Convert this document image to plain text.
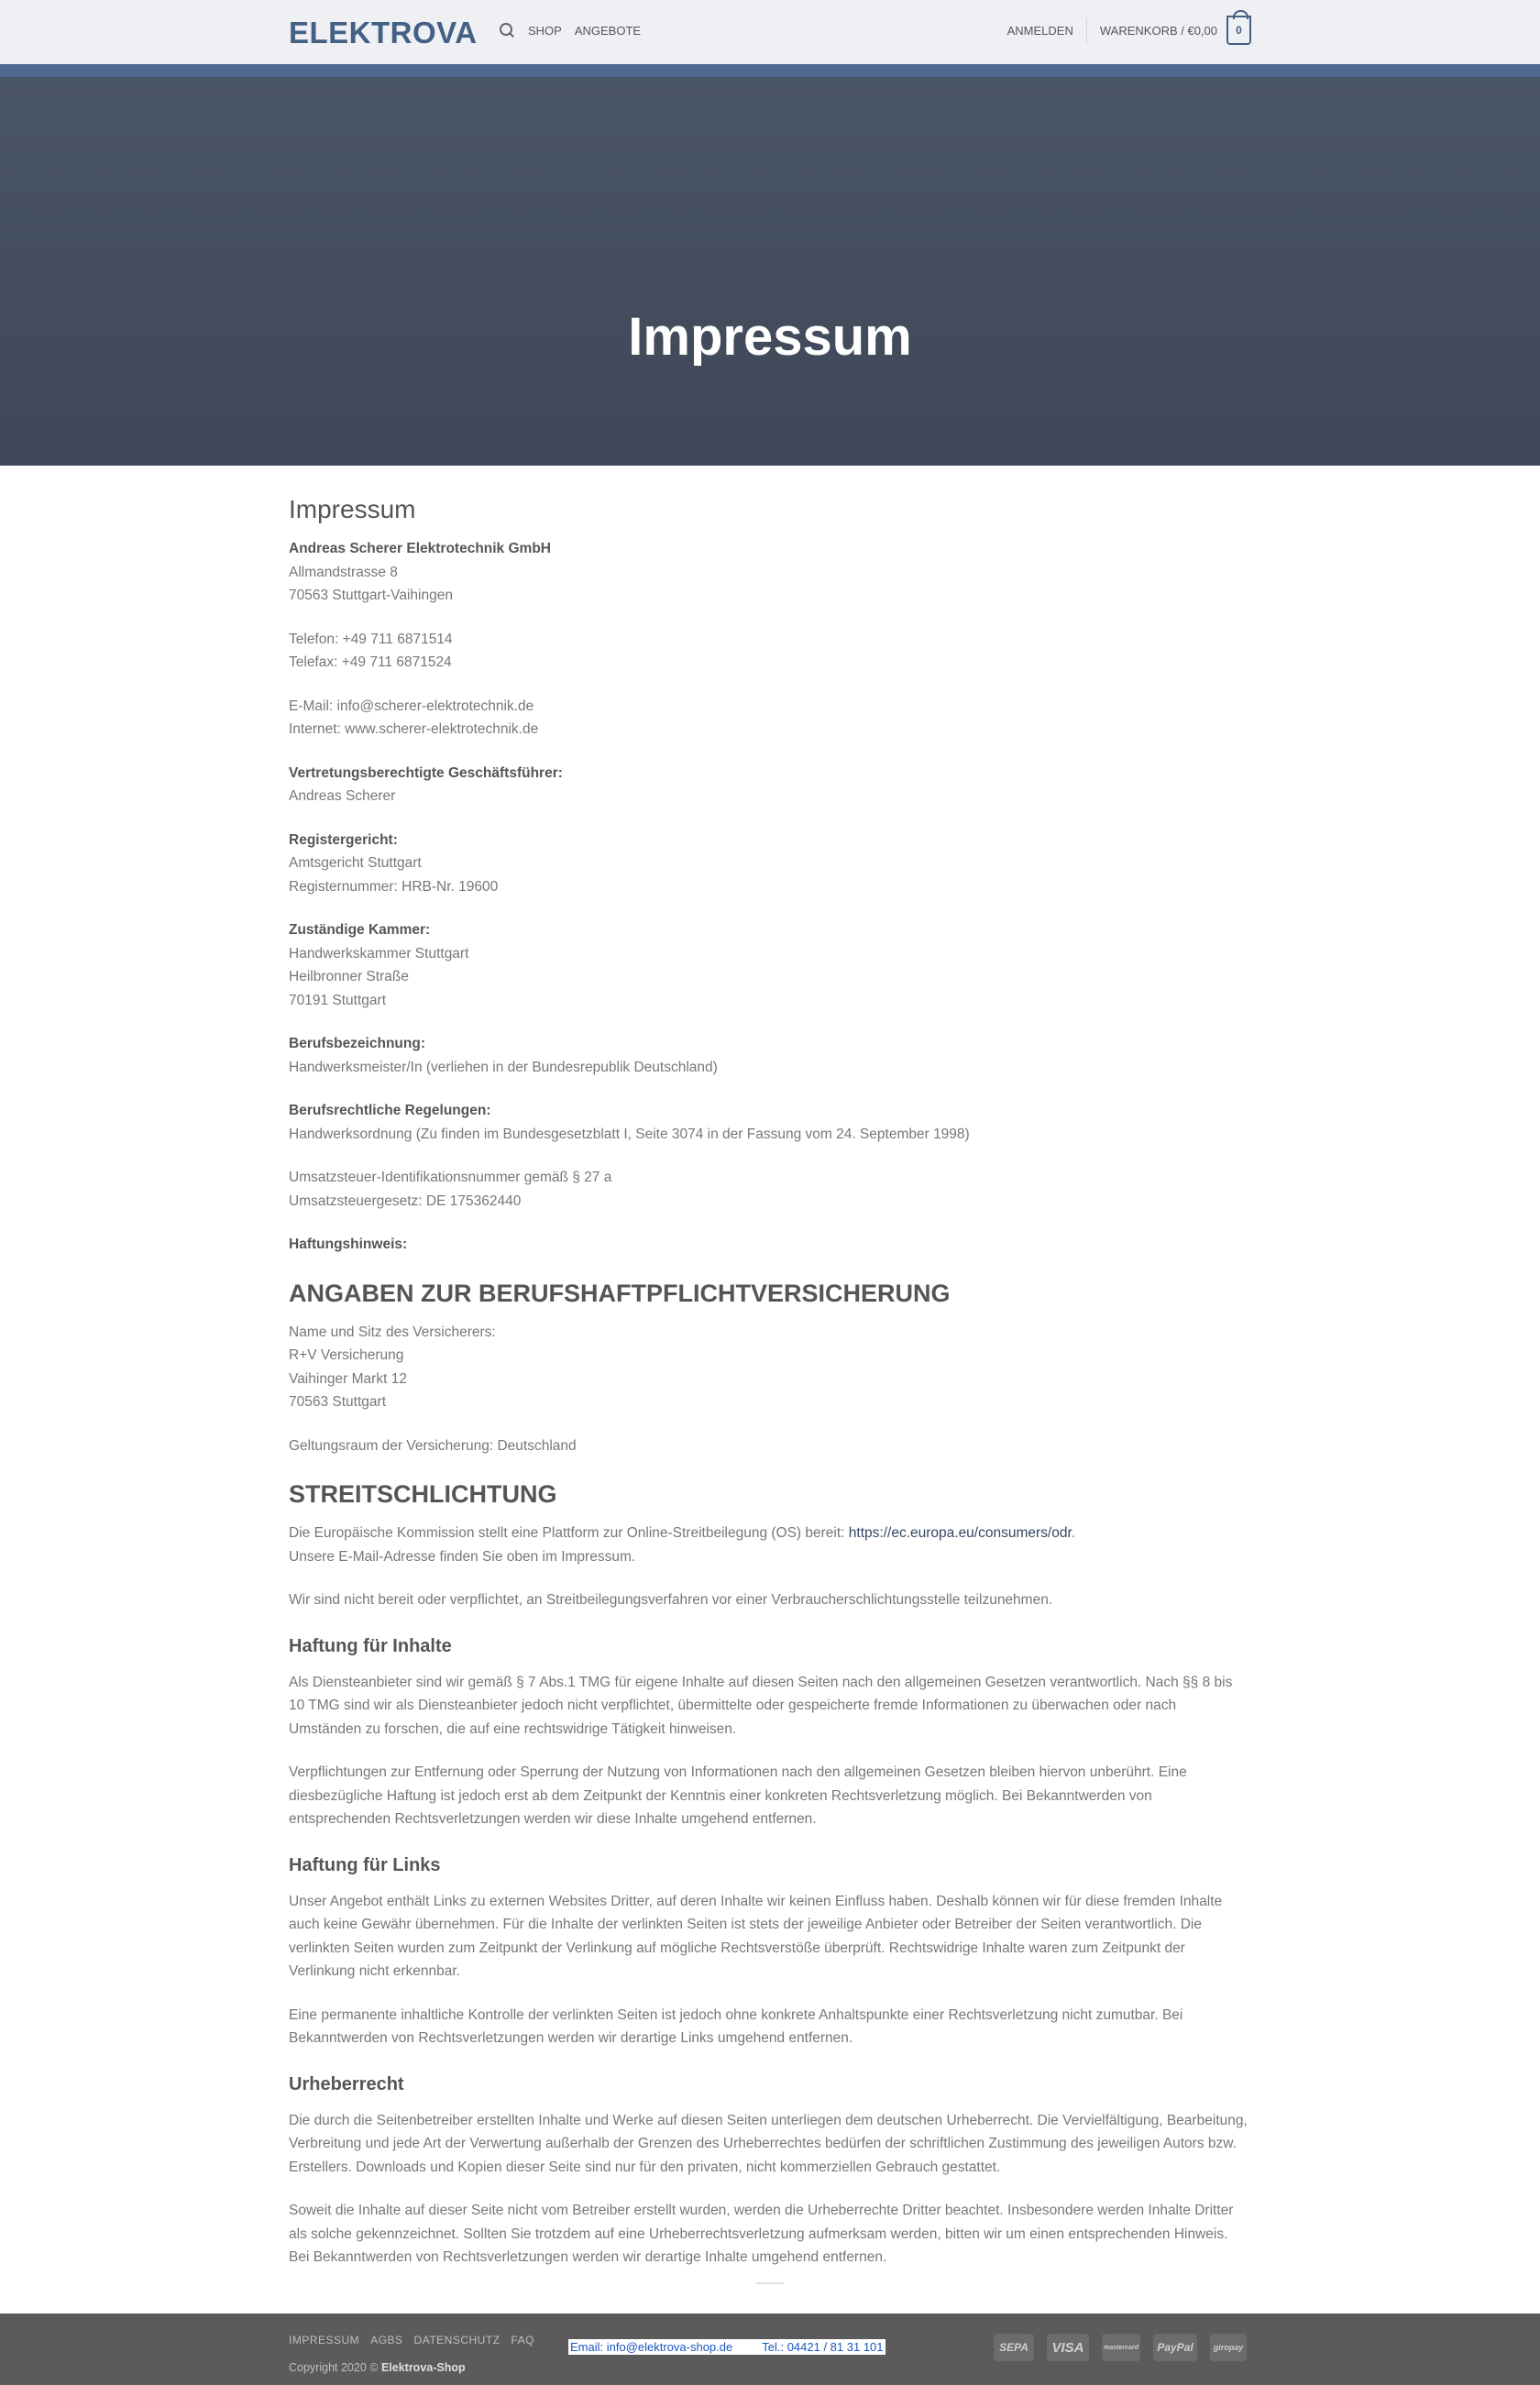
ELEKTROVA	SHOP ANGEBOTE	ANMELDEN WARENKORB / €0,00 0
Impressum
Impressum

Andreas Scherer Elektrotechnik GmbH
Allmandstrasse 8
70563 Stuttgart-Vaihingen

Telefon: +49 711 6871514
Telefax: +49 711 6871524

E-Mail: info@scherer-elektrotechnik.de
Internet: www.scherer-elektrotechnik.de

Vertretungsberechtigte Geschäftsführer:
Andreas Scherer

Registergericht:
Amtsgericht Stuttgart
Registernummer: HRB-Nr. 19600

Zuständige Kammer:
Handwerkskammer Stuttgart
Heilbronner Straße
70191 Stuttgart

Berufsbezeichnung:
Handwerksmeister/In (verliehen in der Bundesrepublik Deutschland)

Berufsrechtliche Regelungen:
Handwerksordnung (Zu finden im Bundesgesetzblatt I, Seite 3074 in der Fassung vom 24. September 1998)

Umsatzsteuer-Identifikationsnummer gemäß § 27 a
Umsatzsteuergesetz: DE 175362440

Haftungshinweis:

ANGABEN ZUR BERUFSHAFTPFLICHTVERSICHERUNG

Name und Sitz des Versicherers:
R+V Versicherung
Vaihinger Markt 12
70563 Stuttgart

Geltungsraum der Versicherung: Deutschland

STREITSCHLICHTUNG

Die Europäische Kommission stellt eine Plattform zur Online-Streitbeilegung (OS) bereit: https://ec.europa.eu/consumers/odr.
Unsere E-Mail-Adresse finden Sie oben im Impressum.

Wir sind nicht bereit oder verpflichtet, an Streitbeilegungsverfahren vor einer Verbraucherschlichtungsstelle teilzunehmen.

Haftung für Inhalte

Als Diensteanbieter sind wir gemäß § 7 Abs.1 TMG für eigene Inhalte auf diesen Seiten nach den allgemeinen Gesetzen verantwortlich. Nach §§ 8 bis 10 TMG sind wir als Diensteanbieter jedoch nicht verpflichtet, übermittelte oder gespeicherte fremde Informationen zu überwachen oder nach Umständen zu forschen, die auf eine rechtswidrige Tätigkeit hinweisen.

Verpflichtungen zur Entfernung oder Sperrung der Nutzung von Informationen nach den allgemeinen Gesetzen bleiben hiervon unberührt. Eine diesbezügliche Haftung ist jedoch erst ab dem Zeitpunkt der Kenntnis einer konkreten Rechtsverletzung möglich. Bei Bekanntwerden von entsprechenden Rechtsverletzungen werden wir diese Inhalte umgehend entfernen.

Haftung für Links

Unser Angebot enthält Links zu externen Websites Dritter, auf deren Inhalte wir keinen Einfluss haben. Deshalb können wir für diese fremden Inhalte auch keine Gewähr übernehmen. Für die Inhalte der verlinkten Seiten ist stets der jeweilige Anbieter oder Betreiber der Seiten verantwortlich. Die verlinkten Seiten wurden zum Zeitpunkt der Verlinkung auf mögliche Rechtsverstöße überprüft. Rechtswidrige Inhalte waren zum Zeitpunkt der Verlinkung nicht erkennbar.

Eine permanente inhaltliche Kontrolle der verlinkten Seiten ist jedoch ohne konkrete Anhaltspunkte einer Rechtsverletzung nicht zumutbar. Bei Bekanntwerden von Rechtsverletzungen werden wir derartige Links umgehend entfernen.

Urheberrecht

Die durch die Seitenbetreiber erstellten Inhalte und Werke auf diesen Seiten unterliegen dem deutschen Urheberrecht. Die Vervielfältigung, Bearbeitung, Verbreitung und jede Art der Verwertung außerhalb der Grenzen des Urheberrechtes bedürfen der schriftlichen Zustimmung des jeweiligen Autors bzw. Erstellers. Downloads und Kopien dieser Seite sind nur für den privaten, nicht kommerziellen Gebrauch gestattet.

Soweit die Inhalte auf dieser Seite nicht vom Betreiber erstellt wurden, werden die Urheberrechte Dritter beachtet. Insbesondere werden Inhalte Dritter als solche gekennzeichnet. Sollten Sie trotzdem auf eine Urheberrechtsverletzung aufmerksam werden, bitten wir um einen entsprechenden Hinweis. Bei Bekanntwerden von Rechtsverletzungen werden wir derartige Inhalte umgehend entfernen.

IMPRESSUM AGBS DATENSCHUTZ FAQ
Copyright 2020 © Elektrova-Shop
Email: info@elektrova-shop.de Tel.: 04421 / 81 31 101	SEPA	VISA	mastercard	PayPal	giropay
